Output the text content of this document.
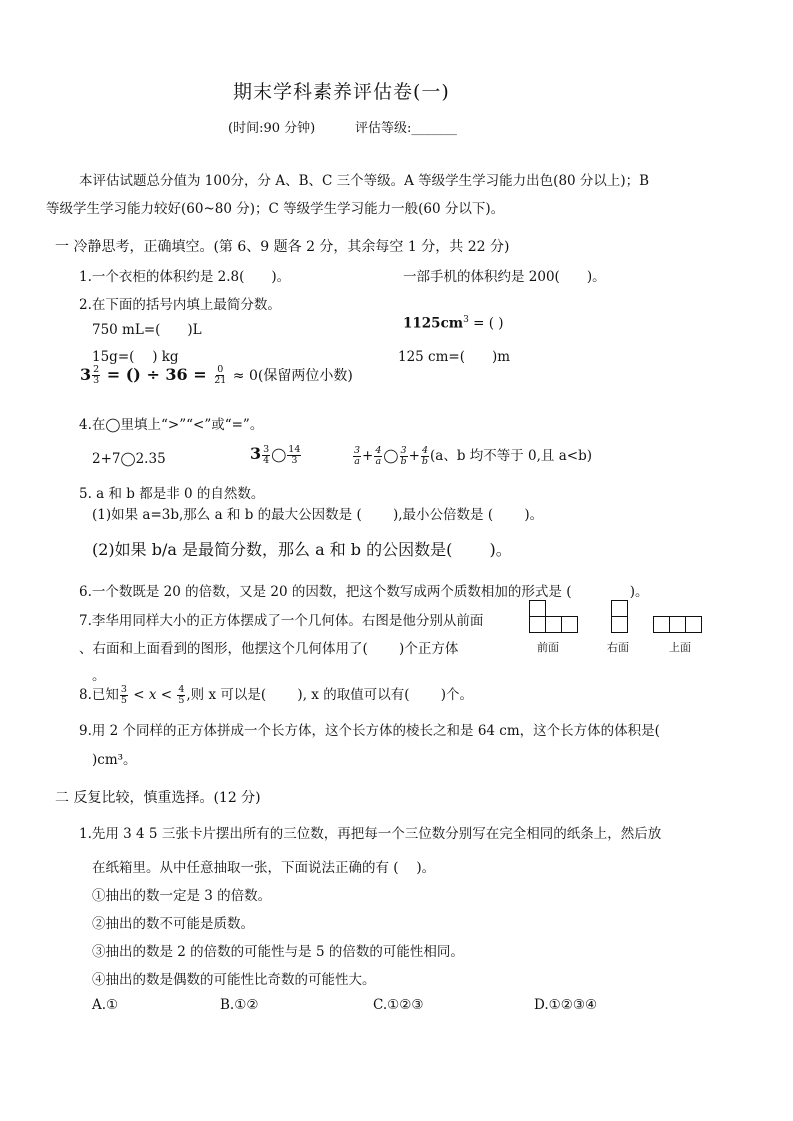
期末学科素养评估卷(一)
(时间:90 分钟)	评估等级:_______
本评估试题总分值为 100分，分 A、B、C 三个等级。A 等级学生学习能力出色(80 分以上)；B
等级学生学习能力较好(60~80 分)；C 等级学生学习能力一般(60 分以下)。
一 冷静思考，正确填空。(第 6、9 题各 2 分，其余每空 1 分，共 22 分)
1.一个衣柜的体积约是 2.8(　　)。	一部手机的体积约是 200(　　)。
2.在下面的括号内填上最简分数。
750 mL=(　　)L	$1125cm^3$ = ( )
15g=(　 ) kg	125 cm=(　　)m
$3 \frac{2}{3}$ = () ÷ $36 = \frac{0}{21} \approx 0$(保留两位小数)
4.在◯里填上“>”“<”或“=”。
2+7◯2.35	$3 \frac{3}{4}$ ◯ $\frac{14}{3}$	$\frac{3}{a} + \frac{4}{a}$ ◯ $\frac{3}{b} + \frac{4}{b} (a$、b 均不等于 0,且 a<b)
5. a 和 b 都是非 0 的自然数。
(1)如果 a=3b,那么 a 和 b 的最大公因数是 (　　 ),最小公倍数是 (　　 )。
(2)如果 b/a 是最简分数，那么 a 和 b 的公因数是(　　 )。
6.一个数既是 20 的倍数，又是 20 的因数，把这个数写成两个质数相加的形式是 (　　　　 )。
7.李华用同样大小的正方体摆成了一个几何体。右图是他分别从前面
、右面和上面看到的图形，他摆这个几何体用了(　　 )个正方体
。
前面	右面	上面
8.已知 $\frac{3}{5} < x < \frac{4}{5}$ ,则 x 可以是(　　 ), x 的取值可以有(　　 )个。
9.用 2 个同样的正方体拼成一个长方体，这个长方体的棱长之和是 64 cm，这个长方体的体积是(
)cm³。
二 反复比较，慎重选择。(12 分)
1.先用 3 4 5 三张卡片摆出所有的三位数，再把每一个三位数分别写在完全相同的纸条上，然后放
在纸箱里。从中任意抽取一张，下面说法正确的有 (　 )。
①抽出的数一定是 3 的倍数。
②抽出的数不可能是质数。
③抽出的数是 2 的倍数的可能性与是 5 的倍数的可能性相同。
④抽出的数是偶数的可能性比奇数的可能性大。
A.①	B.①②	C.①②③	D.①②③④
